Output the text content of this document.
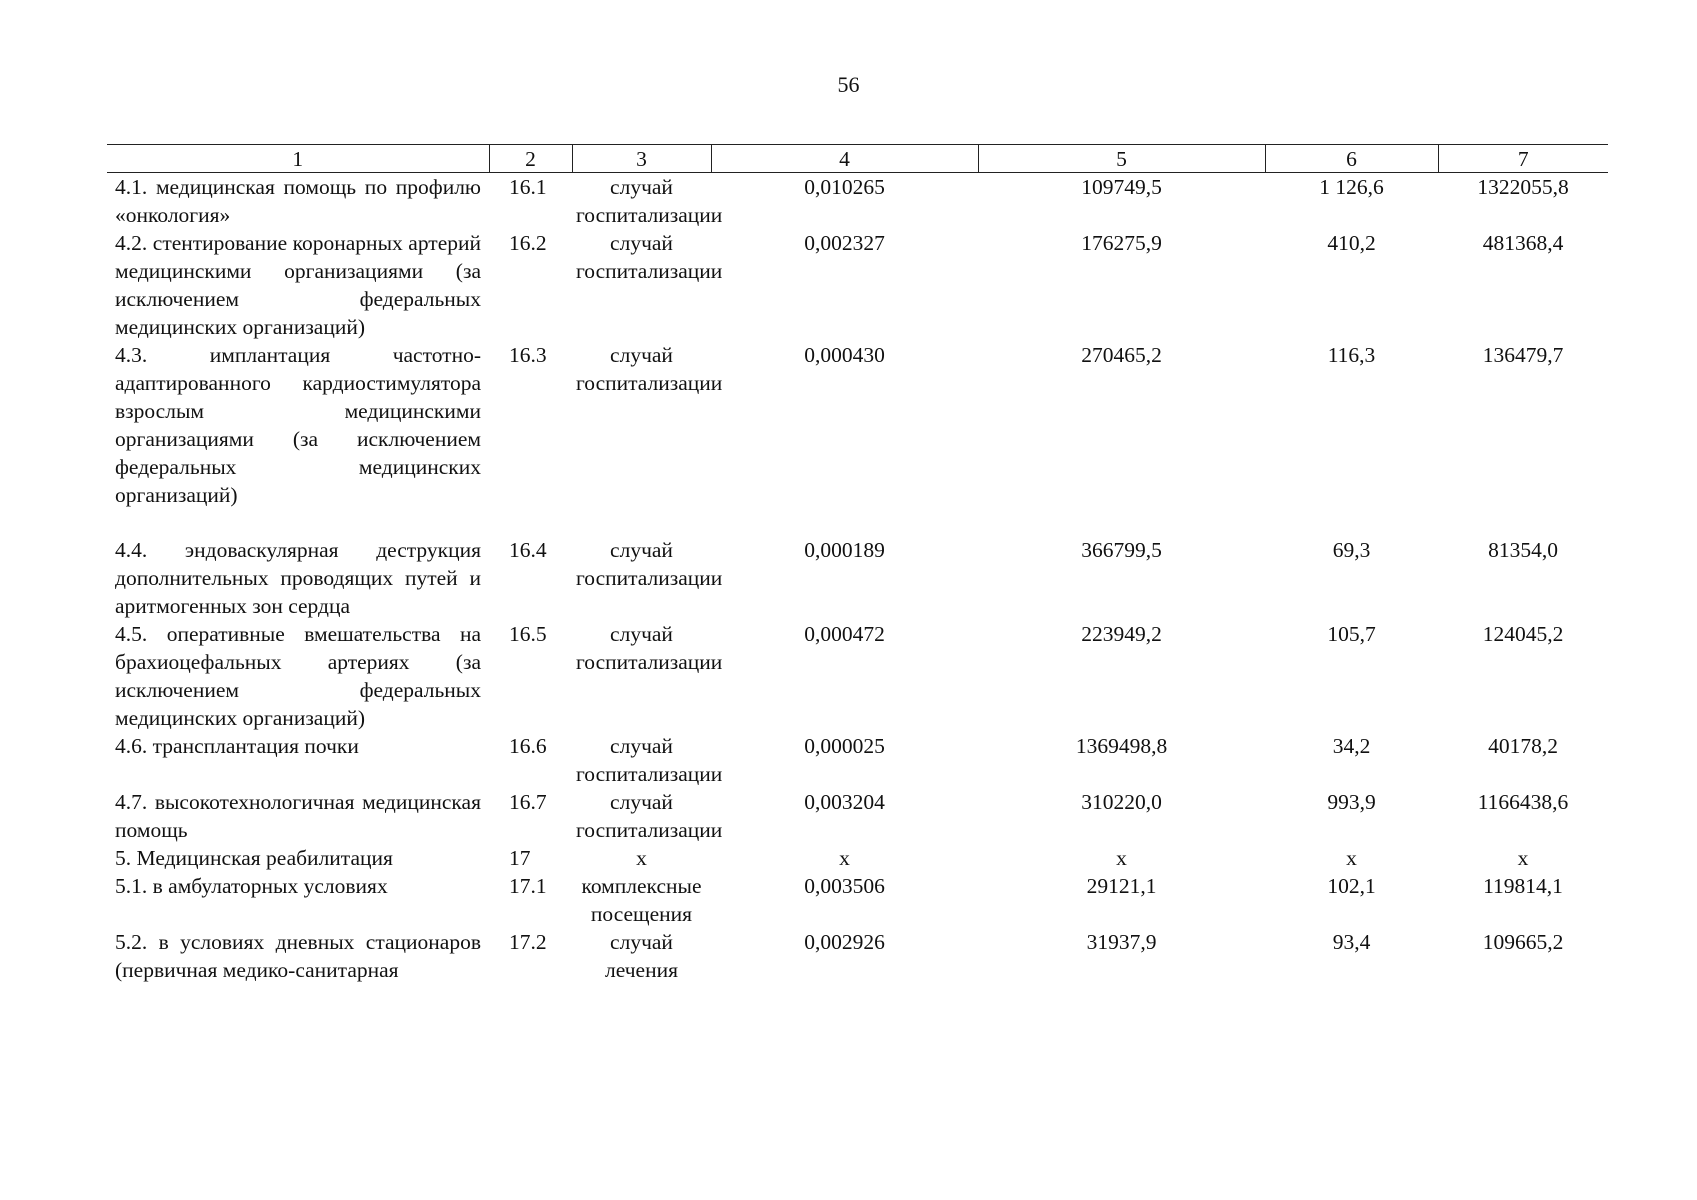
56
1	2	3	4	5	6	7
4.1. медицинская помощь по профилю «онкология»	16.1	случай госпитализации	0,010265	109749,5	1 126,6	1322055,8
4.2. стентирование коронарных артерий медицинскими организациями (за исключением федеральных медицинских организаций)	16.2	случай госпитализации	0,002327	176275,9	410,2	481368,4
4.3. имплантация частотно-адаптированного кардиостимулятора взрослым медицинскими организациями (за исключением федеральных медицинских организаций)	16.3	случай госпитализации	0,000430	270465,2	116,3	136479,7
4.4. эндоваскулярная деструкция дополнительных проводящих путей и аритмогенных зон сердца	16.4	случай госпитализации	0,000189	366799,5	69,3	81354,0
4.5. оперативные вмешательства на брахиоцефальных артериях (за исключением федеральных медицинских организаций)	16.5	случай госпитализации	0,000472	223949,2	105,7	124045,2
4.6. трансплантация почки	16.6	случай госпитализации	0,000025	1369498,8	34,2	40178,2
4.7. высокотехнологичная медицинская помощь	16.7	случай госпитализации	0,003204	310220,0	993,9	1166438,6
5. Медицинская реабилитация	17	х	х	х	х	х
5.1. в амбулаторных условиях	17.1	комплексные посещения	0,003506	29121,1	102,1	119814,1
5.2. в условиях дневных стационаров (первичная медико-санитарная	17.2	случай лечения	0,002926	31937,9	93,4	109665,2
